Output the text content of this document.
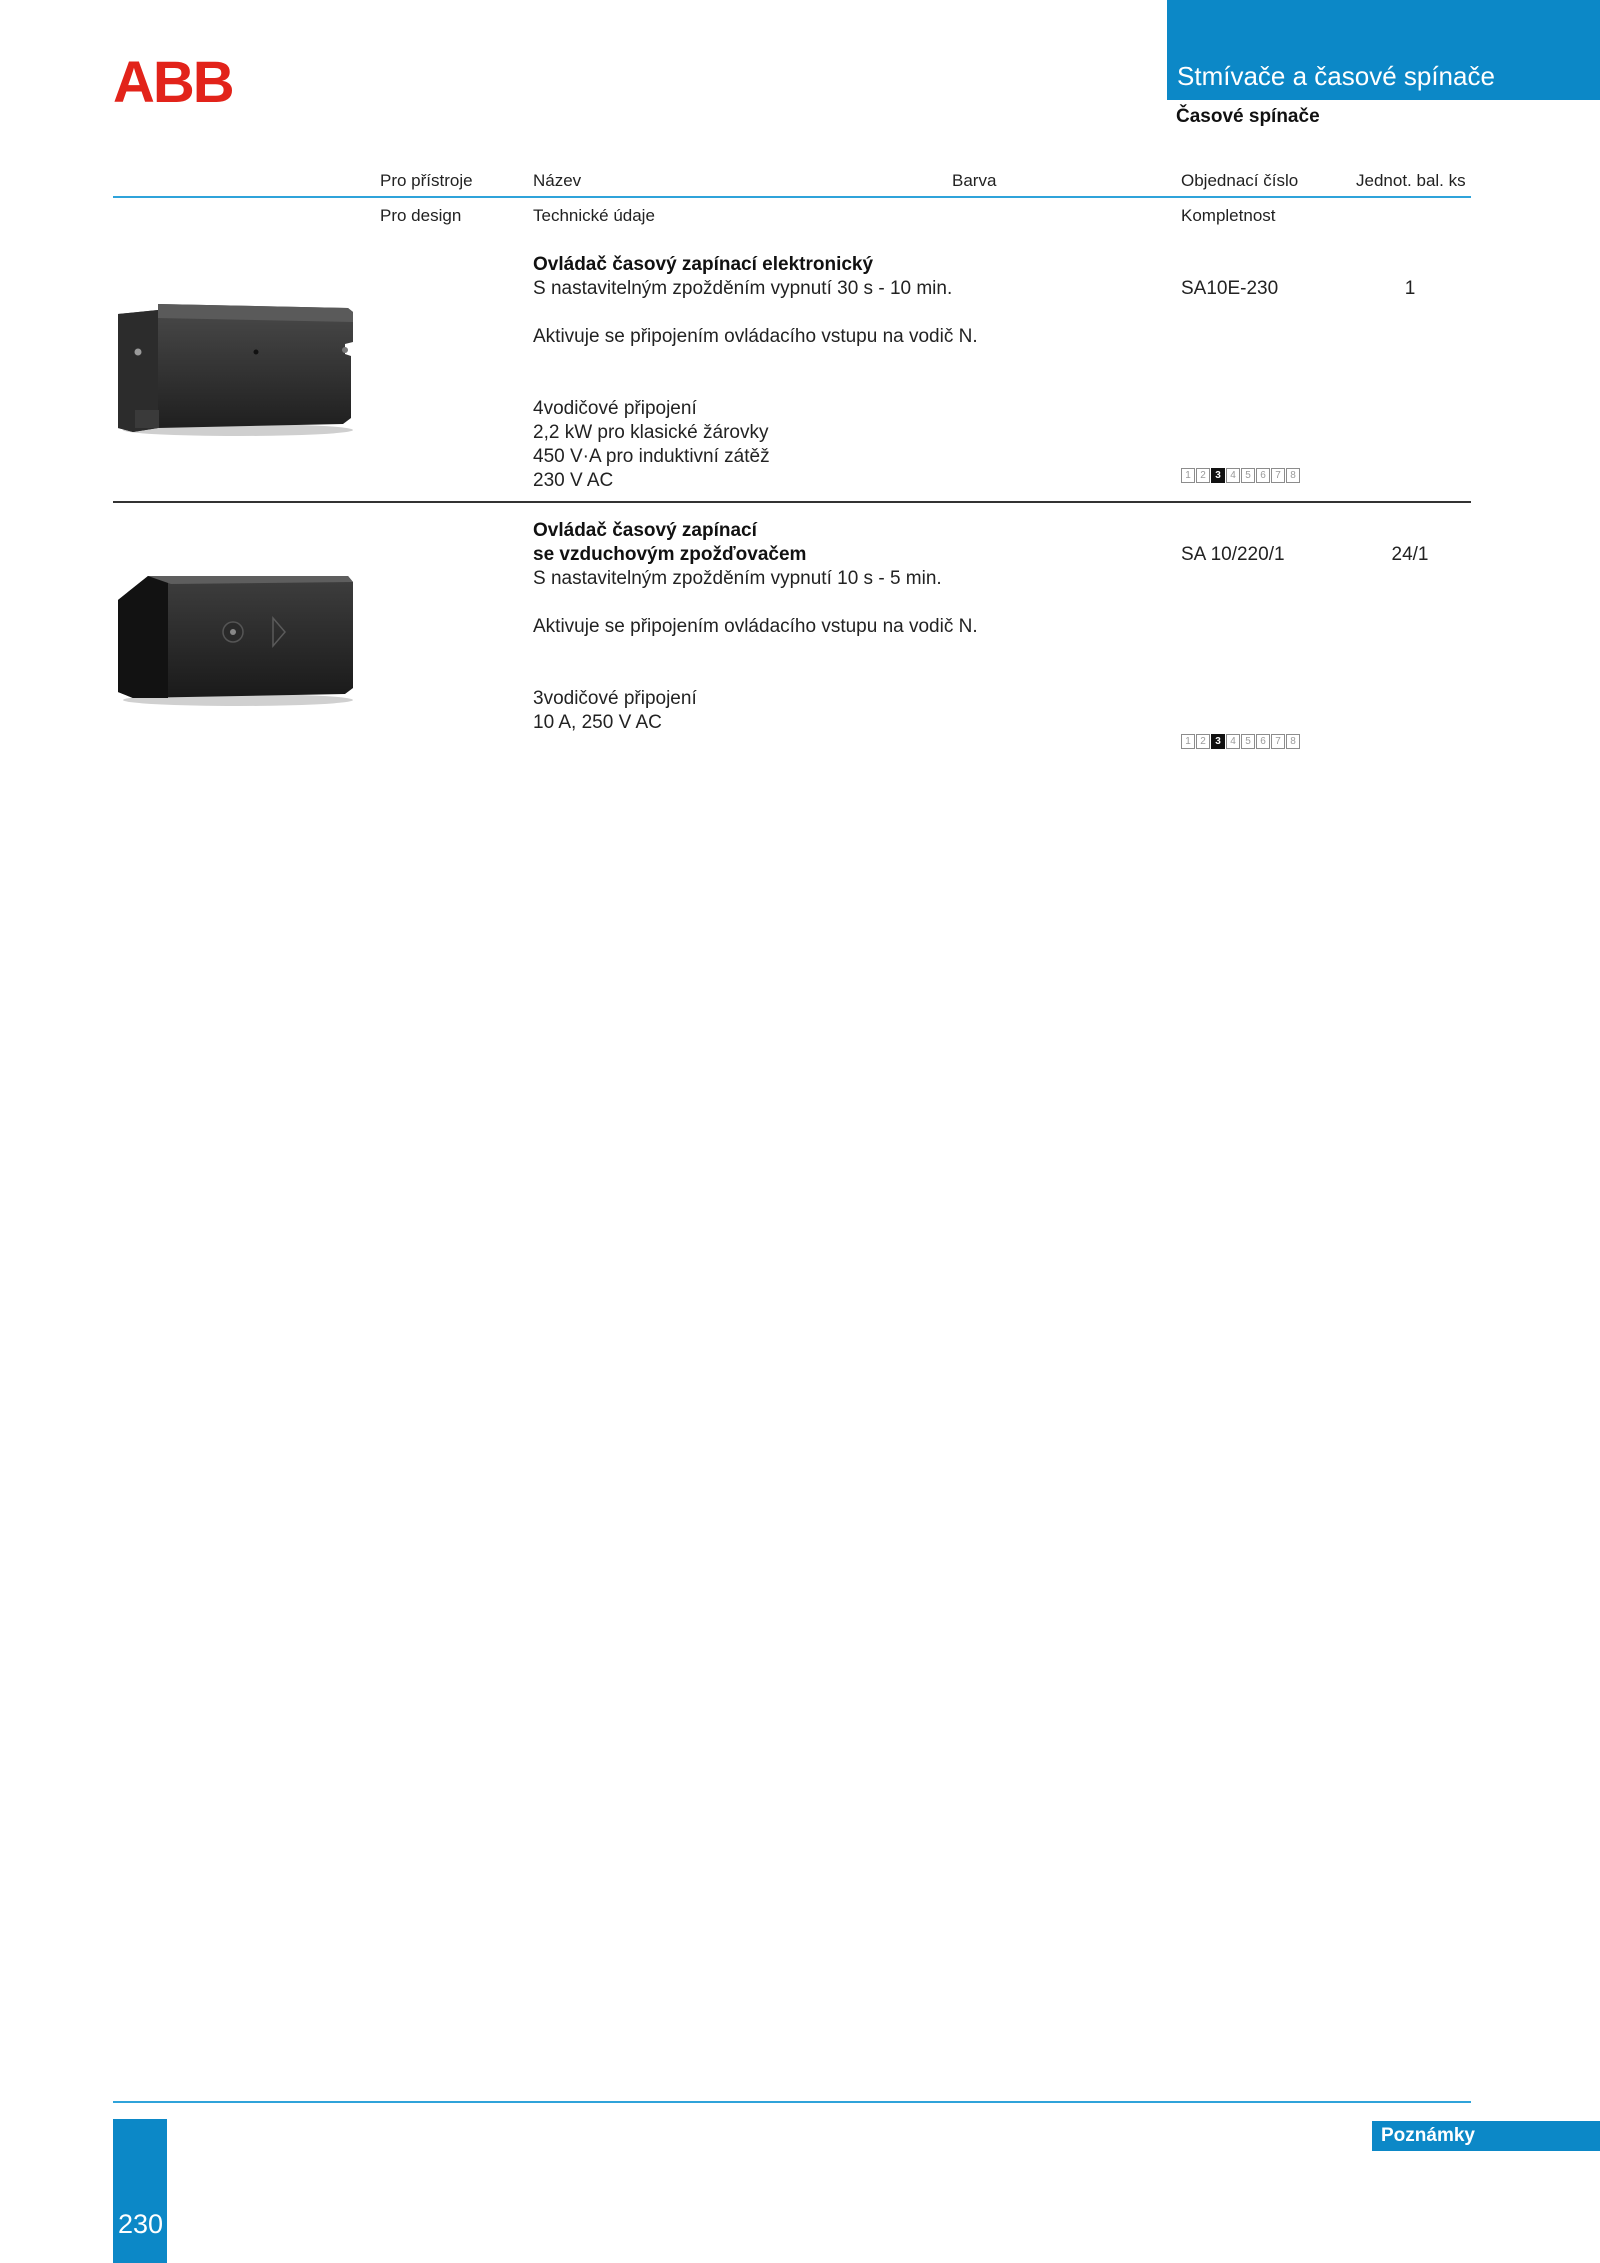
ABB	Stmívače a časové spínače
Časové spínače
Pro přístroje	Název	Barva	Objednací číslo	Jednot. bal. ks
Pro design	Technické údaje	Kompletnost
Ovládač časový zapínací elektronický
S nastavitelným zpožděním vypnutí 30 s - 10 min.
Aktivuje se připojením ovládacího vstupu na vodič N.
4vodičové připojení
2,2 kW pro klasické žárovky
450 V·A pro induktivní zátěž
230 V AC
SA10E-230	1
1 2 3 4 5 6 7 8
Ovládač časový zapínací
se vzduchovým zpožďovačem
S nastavitelným zpožděním vypnutí 10 s - 5 min.
Aktivuje se připojením ovládacího vstupu na vodič N.
3vodičové připojení
10 A, 250 V AC
SA 10/220/1	24/1
1 2 3 4 5 6 7 8
Poznámky
230
